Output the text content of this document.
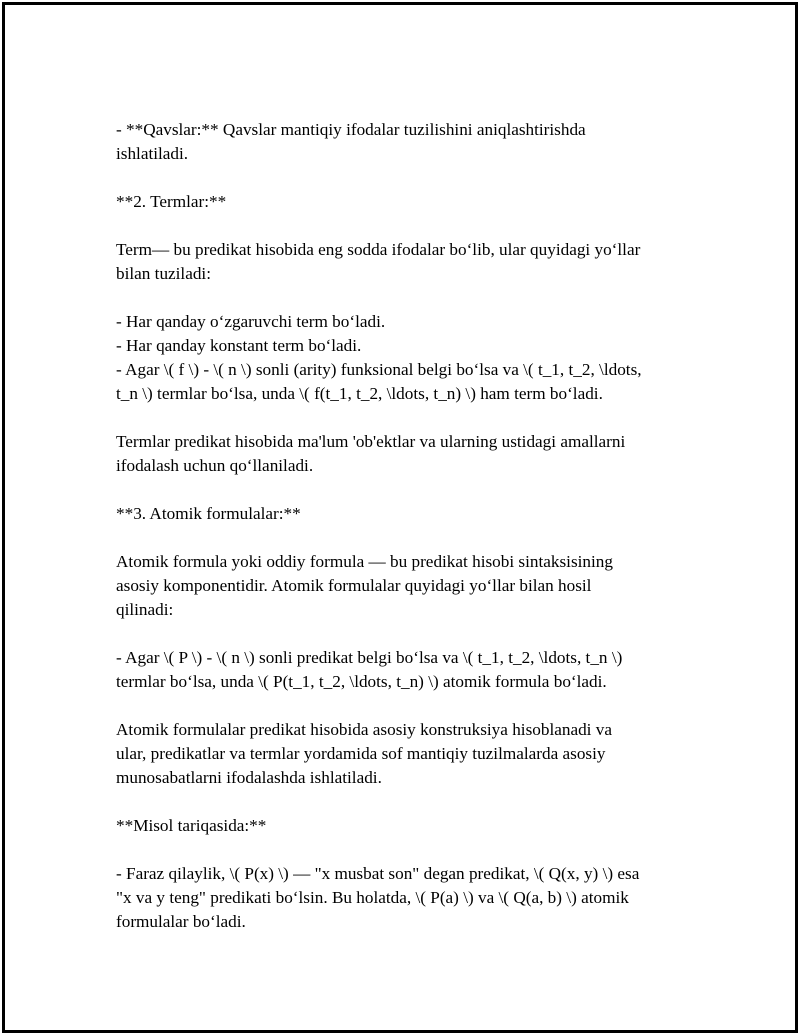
- **Qavslar:** Qavslar mantiqiy ifodalar tuzilishini aniqlashtirishda
ishlatiladi.

**2. Termlar:**

Term— bu predikat hisobida eng sodda ifodalar bo‘lib, ular quyidagi yo‘llar
bilan tuziladi:

- Har qanday o‘zgaruvchi term bo‘ladi.
- Har qanday konstant term bo‘ladi.
- Agar \( f \) - \( n \) sonli (arity) funksional belgi bo‘lsa va \( t_1, t_2, \ldots,
t_n \) termlar bo‘lsa, unda \( f(t_1, t_2, \ldots, t_n) \) ham term bo‘ladi.

Termlar predikat hisobida ma'lum 'ob'ektlar va ularning ustidagi amallarni
ifodalash uchun qo‘llaniladi.

**3. Atomik formulalar:**

Atomik formula yoki oddiy formula — bu predikat hisobi sintaksisining
asosiy komponentidir. Atomik formulalar quyidagi yo‘llar bilan hosil
qilinadi:

- Agar \( P \) - \( n \) sonli predikat belgi bo‘lsa va \( t_1, t_2, \ldots, t_n \)
termlar bo‘lsa, unda \( P(t_1, t_2, \ldots, t_n) \) atomik formula bo‘ladi.

Atomik formulalar predikat hisobida asosiy konstruksiya hisoblanadi va
ular, predikatlar va termlar yordamida sof mantiqiy tuzilmalarda asosiy
munosabatlarni ifodalashda ishlatiladi.

**Misol tariqasida:**

- Faraz qilaylik, \( P(x) \) — "x musbat son" degan predikat, \( Q(x, y) \) esa
"x va y teng" predikati bo‘lsin. Bu holatda, \( P(a) \) va \( Q(a, b) \) atomik
formulalar bo‘ladi.
